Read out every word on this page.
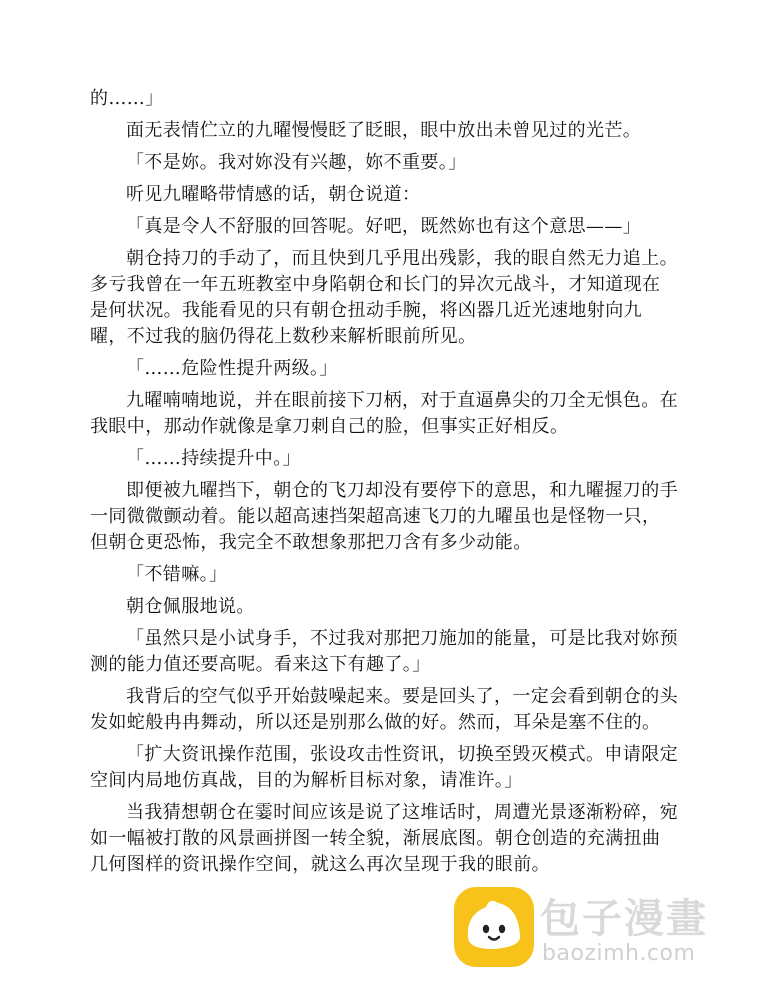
的……」

面无表情伫立的九曜慢慢眨了眨眼，眼中放出未曾见过的光芒。

「不是妳。我对妳没有兴趣，妳不重要。」

听见九曜略带情感的话，朝仓说道：

「真是令人不舒服的回答呢。好吧，既然妳也有这个意思——」

朝仓持刀的手动了，而且快到几乎甩出残影，我的眼自然无力追上。多亏我曾在一年五班教室中身陷朝仓和长门的异次元战斗，才知道现在是何状况。我能看见的只有朝仓扭动手腕，将凶器几近光速地射向九曜，不过我的脑仍得花上数秒来解析眼前所见。

「……危险性提升两级。」

九曜喃喃地说，并在眼前接下刀柄，对于直逼鼻尖的刀全无惧色。在我眼中，那动作就像是拿刀刺自己的脸，但事实正好相反。

「……持续提升中。」

即便被九曜挡下，朝仓的飞刀却没有要停下的意思，和九曜握刀的手一同微微颤动着。能以超高速挡架超高速飞刀的九曜虽也是怪物一只，但朝仓更恐怖，我完全不敢想象那把刀含有多少动能。

「不错嘛。」

朝仓佩服地说。

「虽然只是小试身手，不过我对那把刀施加的能量，可是比我对妳预测的能力值还要高呢。看来这下有趣了。」

我背后的空气似乎开始鼓噪起来。要是回头了，一定会看到朝仓的头发如蛇般冉冉舞动，所以还是别那么做的好。然而，耳朵是塞不住的。

「扩大资讯操作范围，张设攻击性资讯，切换至毁灭模式。申请限定空间内局地仿真战，目的为解析目标对象，请准许。」

当我猜想朝仓在霎时间应该是说了这堆话时，周遭光景逐渐粉碎，宛如一幅被打散的风景画拼图一转全貌，渐展底图。朝仓创造的充满扭曲几何图样的资讯操作空间，就这么再次呈现于我的眼前。

包子漫畫
baozimh.com
